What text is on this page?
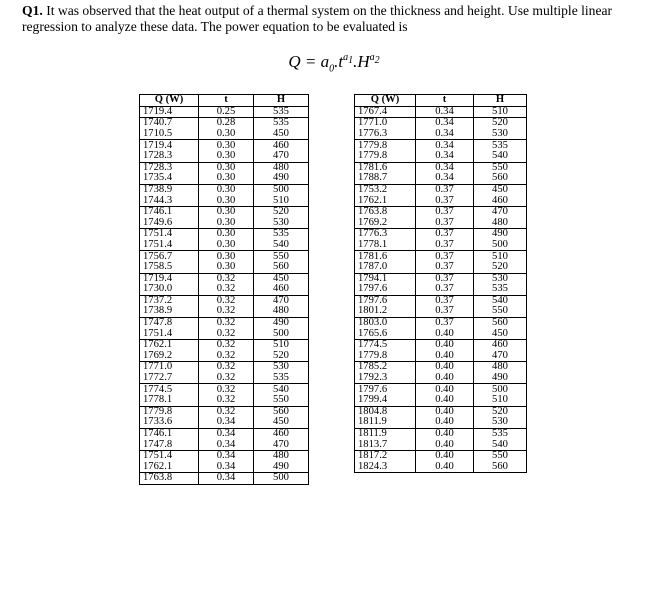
Q1. It was observed that the heat output of a thermal system on the thickness and height. Use multiple linear regression to analyze these data. The power equation to be evaluated is
$Q = a_0.t^{a_1}.H^{a_2}$
Q (W)	t	H
1719.4	0.25	535
1740.7	0.28	535
1710.5	0.30	450
1719.4	0.30	460
1728.3	0.30	470
1728.3	0.30	480
1735.4	0.30	490
1738.9	0.30	500
1744.3	0.30	510
1746.1	0.30	520
1749.6	0.30	530
1751.4	0.30	535
1751.4	0.30	540
1756.7	0.30	550
1758.5	0.30	560
1719.4	0.32	450
1730.0	0.32	460
1737.2	0.32	470
1738.9	0.32	480
1747.8	0.32	490
1751.4	0.32	500
1762.1	0.32	510
1769.2	0.32	520
1771.0	0.32	530
1772.7	0.32	535
1774.5	0.32	540
1778.1	0.32	550
1779.8	0.32	560
1733.6	0.34	450
1746.1	0.34	460
1747.8	0.34	470
1751.4	0.34	480
1762.1	0.34	490
1763.8	0.34	500
Q (W)	t	H
1767.4	0.34	510
1771.0	0.34	520
1776.3	0.34	530
1779.8	0.34	535
1779.8	0.34	540
1781.6	0.34	550
1788.7	0.34	560
1753.2	0.37	450
1762.1	0.37	460
1763.8	0.37	470
1769.2	0.37	480
1776.3	0.37	490
1778.1	0.37	500
1781.6	0.37	510
1787.0	0.37	520
1794.1	0.37	530
1797.6	0.37	535
1797.6	0.37	540
1801.2	0.37	550
1803.0	0.37	560
1765.6	0.40	450
1774.5	0.40	460
1779.8	0.40	470
1785.2	0.40	480
1792.3	0.40	490
1797.6	0.40	500
1799.4	0.40	510
1804.8	0.40	520
1811.9	0.40	530
1811.9	0.40	535
1813.7	0.40	540
1817.2	0.40	550
1824.3	0.40	560
